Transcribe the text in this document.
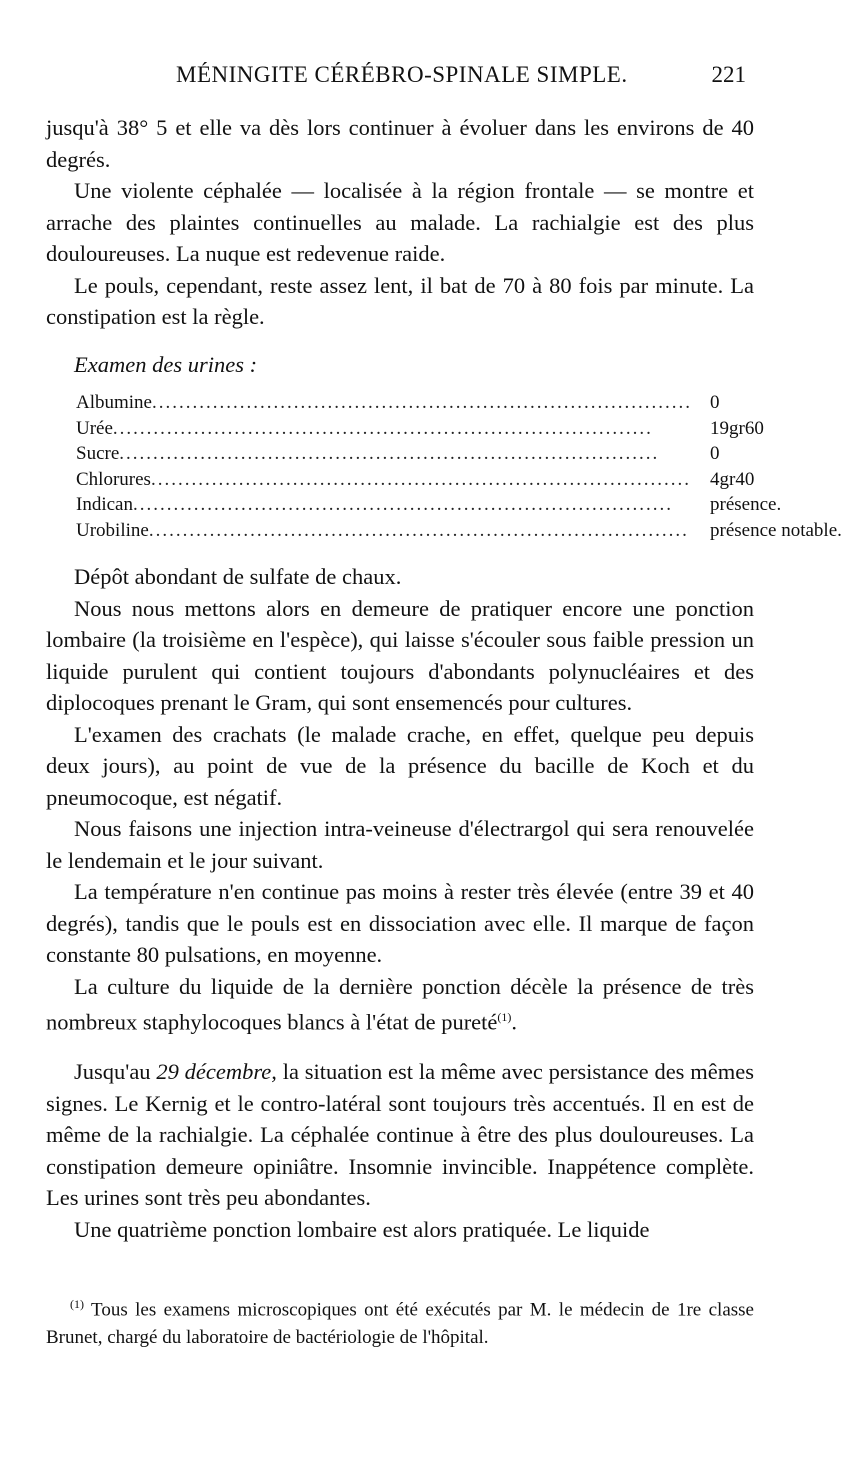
MÉNINGITE CÉRÉBRO-SPINALE SIMPLE.	221

jusqu'à 38° 5 et elle va dès lors continuer à évoluer dans les environs de 40 degrés.

Une violente céphalée — localisée à la région frontale — se montre et arrache des plaintes continuelles au malade. La rachialgie est des plus douloureuses. La nuque est redevenue raide.

Le pouls, cependant, reste assez lent, il bat de 70 à 80 fois par minute. La constipation est la règle.

Examen des urines :

Albumine................................................................................	0
Urée................................................................................	19gr60
Sucre................................................................................	0
Chlorures................................................................................	4gr40
Indican................................................................................	présence.
Urobiline................................................................................	présence notable.

Dépôt abondant de sulfate de chaux.

Nous nous mettons alors en demeure de pratiquer encore une ponction lombaire (la troisième en l'espèce), qui laisse s'écouler sous faible pression un liquide purulent qui contient toujours d'abondants polynucléaires et des diplocoques prenant le Gram, qui sont ensemencés pour cultures.

L'examen des crachats (le malade crache, en effet, quelque peu depuis deux jours), au point de vue de la présence du bacille de Koch et du pneumocoque, est négatif.

Nous faisons une injection intra-veineuse d'électrargol qui sera renouvelée le lendemain et le jour suivant.

La température n'en continue pas moins à rester très élevée (entre 39 et 40 degrés), tandis que le pouls est en dissociation avec elle. Il marque de façon constante 80 pulsations, en moyenne.

La culture du liquide de la dernière ponction décèle la présence de très nombreux staphylocoques blancs à l'état de pureté$^{(1)}$.

Jusqu'au 29 décembre, la situation est la même avec persistance des mêmes signes. Le Kernig et le contro-latéral sont toujours très accentués. Il en est de même de la rachialgie. La céphalée continue à être des plus douloureuses. La constipation demeure opiniâtre. Insomnie invincible. Inappétence complète. Les urines sont très peu abondantes.

Une quatrième ponction lombaire est alors pratiquée. Le liquide

$^{(1)}$ Tous les examens microscopiques ont été exécutés par M. le médecin de 1re classe Brunet, chargé du laboratoire de bactériologie de l'hôpital.
